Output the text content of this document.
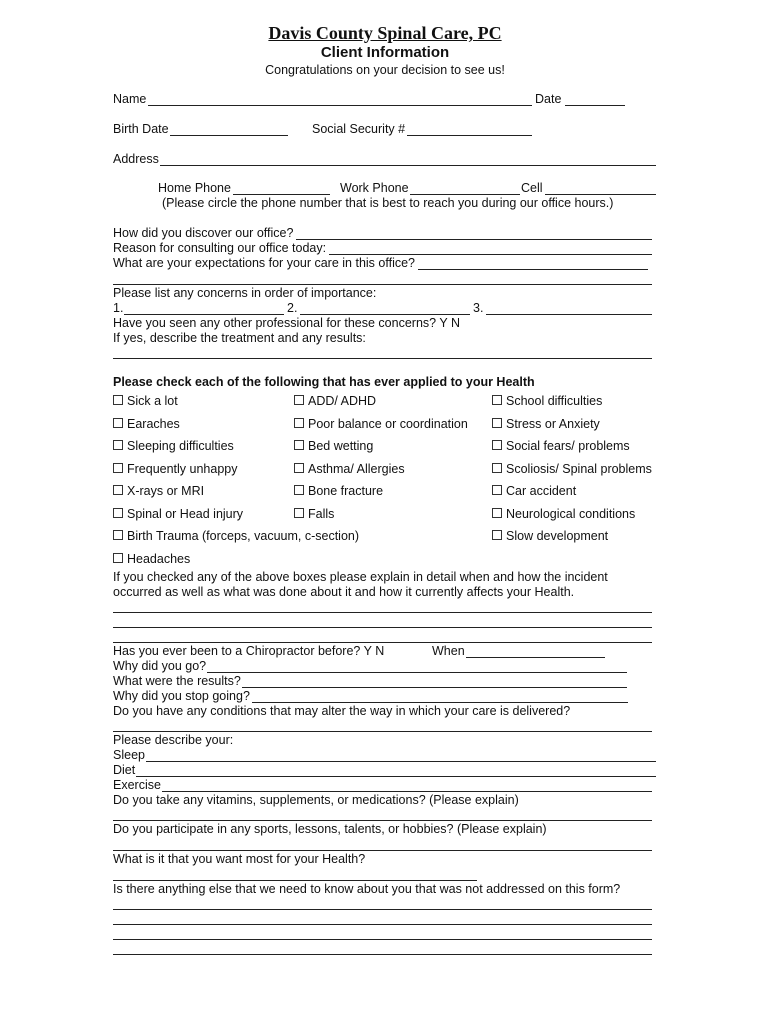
Davis County Spinal Care, PC
Client Information
Congratulations on your decision to see us!
Name	Date
Birth Date	Social Security #
Address
Home Phone	Work Phone	Cell
(Please circle the phone number that is best to reach you during our office hours.)
How did you discover our office?
Reason for consulting our office today:
What are your expectations for your care in this office?
Please list any concerns in order of importance:
1.	2.	3.
Have you seen any other professional for these concerns? Y N
If yes, describe the treatment and any results:
Please check each of the following that has ever applied to your Health
Sick a lot
Earaches
Sleeping difficulties
Frequently unhappy
X-rays or MRI
Spinal or Head injury
Birth Trauma (forceps, vacuum, c-section)
Headaches
ADD/ ADHD
Poor balance or coordination
Bed wetting
Asthma/ Allergies
Bone fracture
Falls
School difficulties
Stress or Anxiety
Social fears/ problems
Scoliosis/ Spinal problems
Car accident
Neurological conditions
Slow development
If you checked any of the above boxes please explain in detail when and how the incident
occurred as well as what was done about it and how it currently affects your Health.
Has you ever been to a Chiropractor before? Y N	When
Why did you go?
What were the results?
Why did you stop going?
Do you have any conditions that may alter the way in which your care is delivered?
Please describe your:
Sleep
Diet
Exercise
Do you take any vitamins, supplements, or medications? (Please explain)
Do you participate in any sports, lessons, talents, or hobbies? (Please explain)
What is it that you want most for your Health?
Is there anything else that we need to know about you that was not addressed on this form?
